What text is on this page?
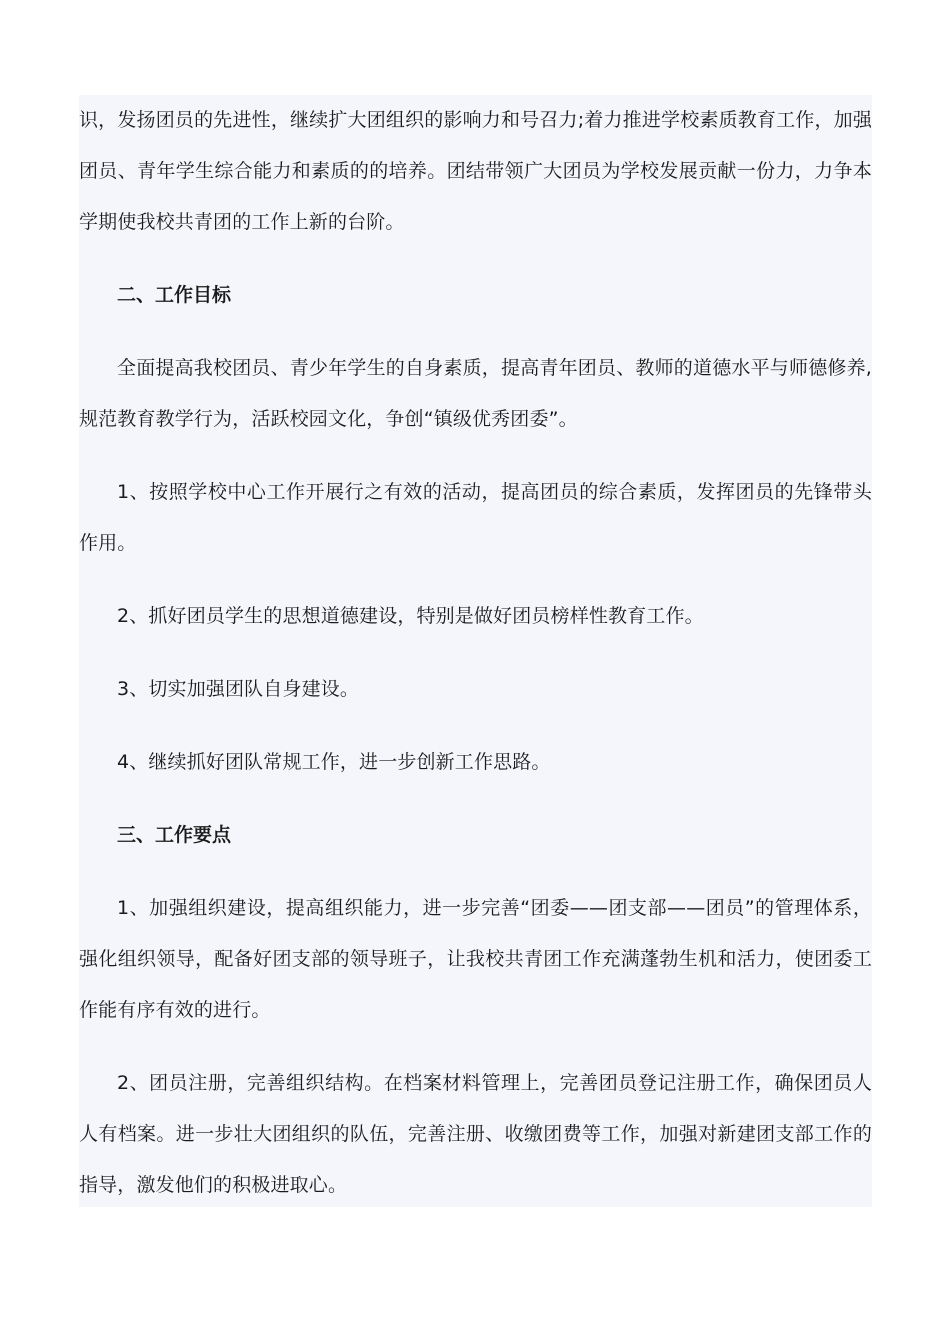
识，发扬团员的先进性，继续扩大团组织的影响力和号召力;着力推进学校素质教育工作，加强团员、青年学生综合能力和素质的的培养。团结带领广大团员为学校发展贡献一份力，力争本学期使我校共青团的工作上新的台阶。

二、工作目标

全面提高我校团员、青少年学生的自身素质，提高青年团员、教师的道德水平与师德修养,规范教育教学行为，活跃校园文化，争创“镇级优秀团委”。

1、按照学校中心工作开展行之有效的活动，提高团员的综合素质，发挥团员的先锋带头作用。

2、抓好团员学生的思想道德建设，特别是做好团员榜样性教育工作。

3、切实加强团队自身建设。

4、继续抓好团队常规工作，进一步创新工作思路。

三、工作要点

1、加强组织建设，提高组织能力，进一步完善“团委——团支部——团员”的管理体系，强化组织领导，配备好团支部的领导班子，让我校共青团工作充满蓬勃生机和活力，使团委工作能有序有效的进行。

2、团员注册，完善组织结构。在档案材料管理上，完善团员登记注册工作，确保团员人人有档案。进一步壮大团组织的队伍，完善注册、收缴团费等工作，加强对新建团支部工作的指导，激发他们的积极进取心。
